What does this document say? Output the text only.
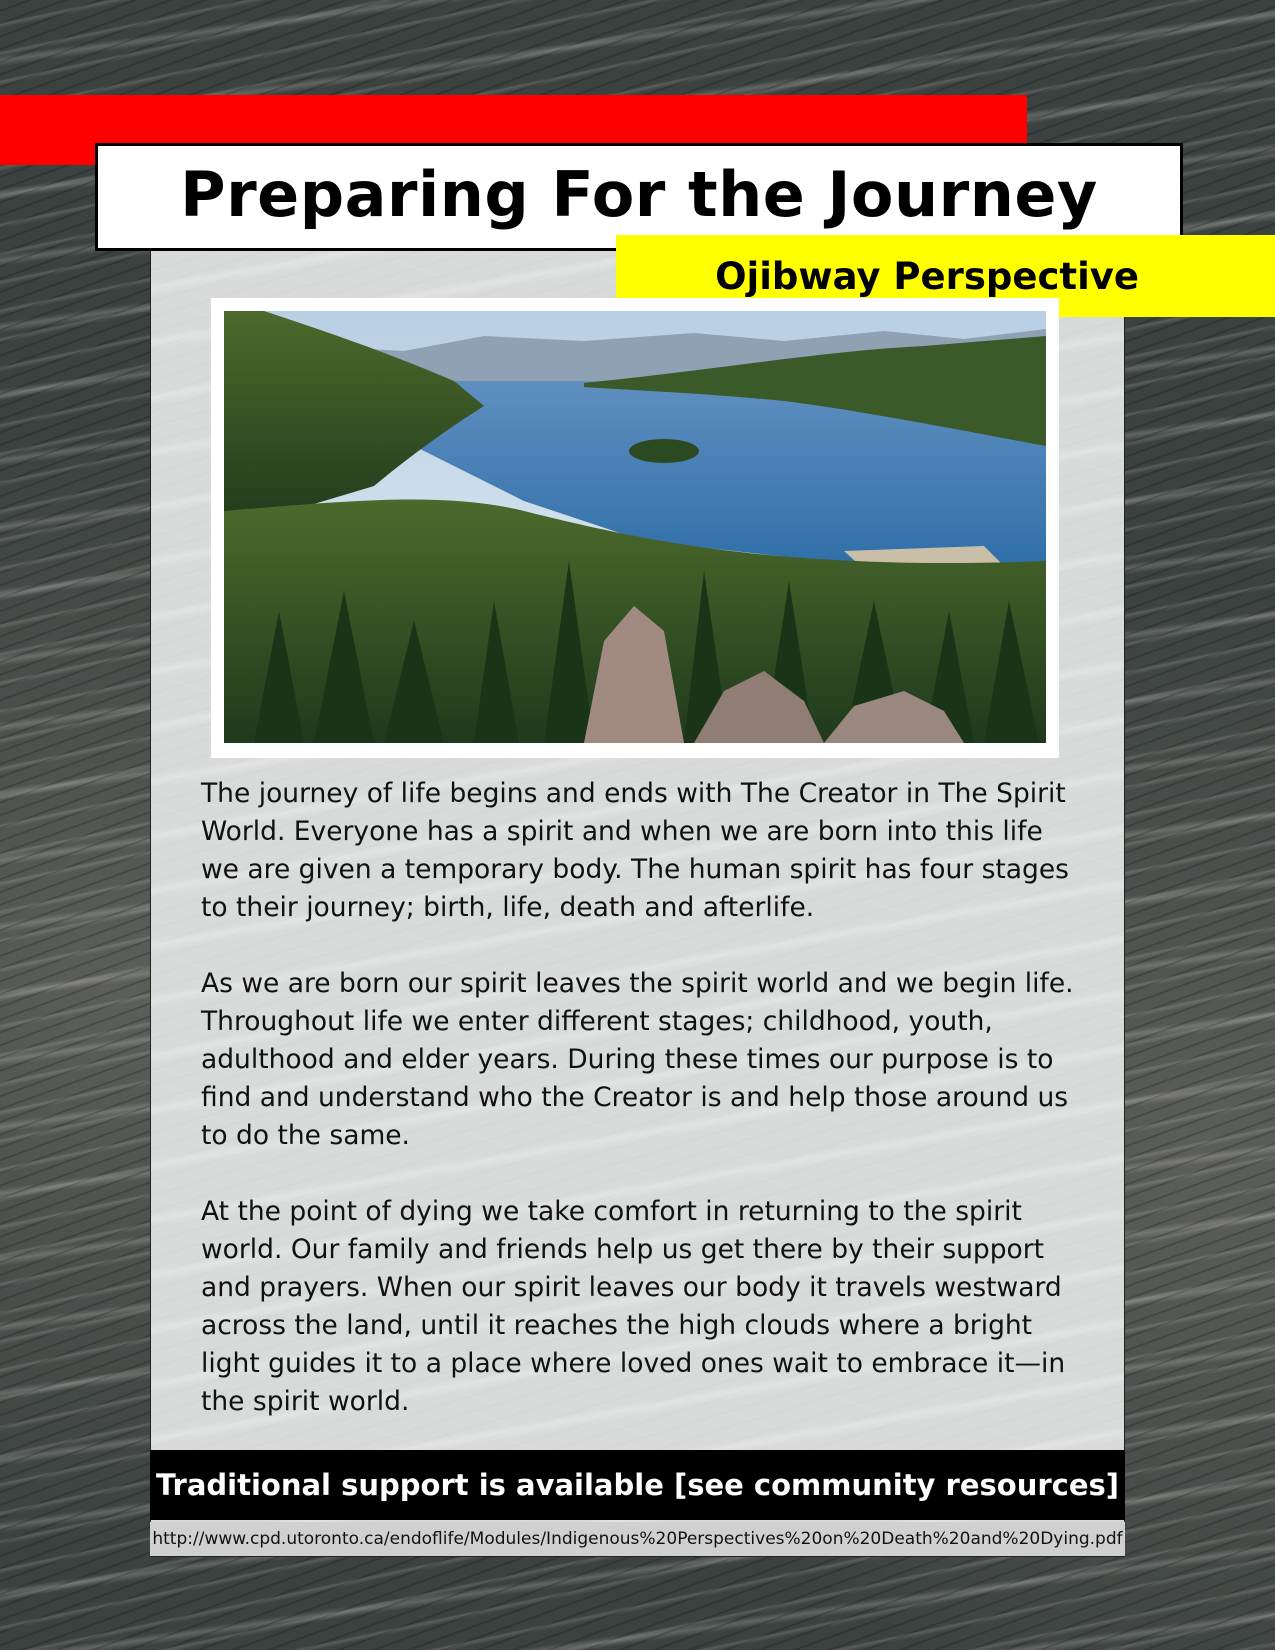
Preparing For the Journey
Ojibway Perspective

The journey of life begins and ends with The Creator in The Spirit World. Everyone has a spirit and when we are born into this life we are given a temporary body. The human spirit has four stages to their journey; birth, life, death and afterlife.

As we are born our spirit leaves the spirit world and we begin life. Throughout life we enter different stages; childhood, youth, adulthood and elder years. During these times our purpose is to find and understand who the Creator is and help those around us to do the same.

At the point of dying we take comfort in returning to the spirit world. Our family and friends help us get there by their support and prayers. When our spirit leaves our body it travels westward across the land, until it reaches the high clouds where a bright light guides it to a place where loved ones wait to embrace it—in the spirit world.

Traditional support is available [see community resources]
http://www.cpd.utoronto.ca/endoflife/Modules/Indigenous%20Perspectives%20on%20Death%20and%20Dying.pdf
